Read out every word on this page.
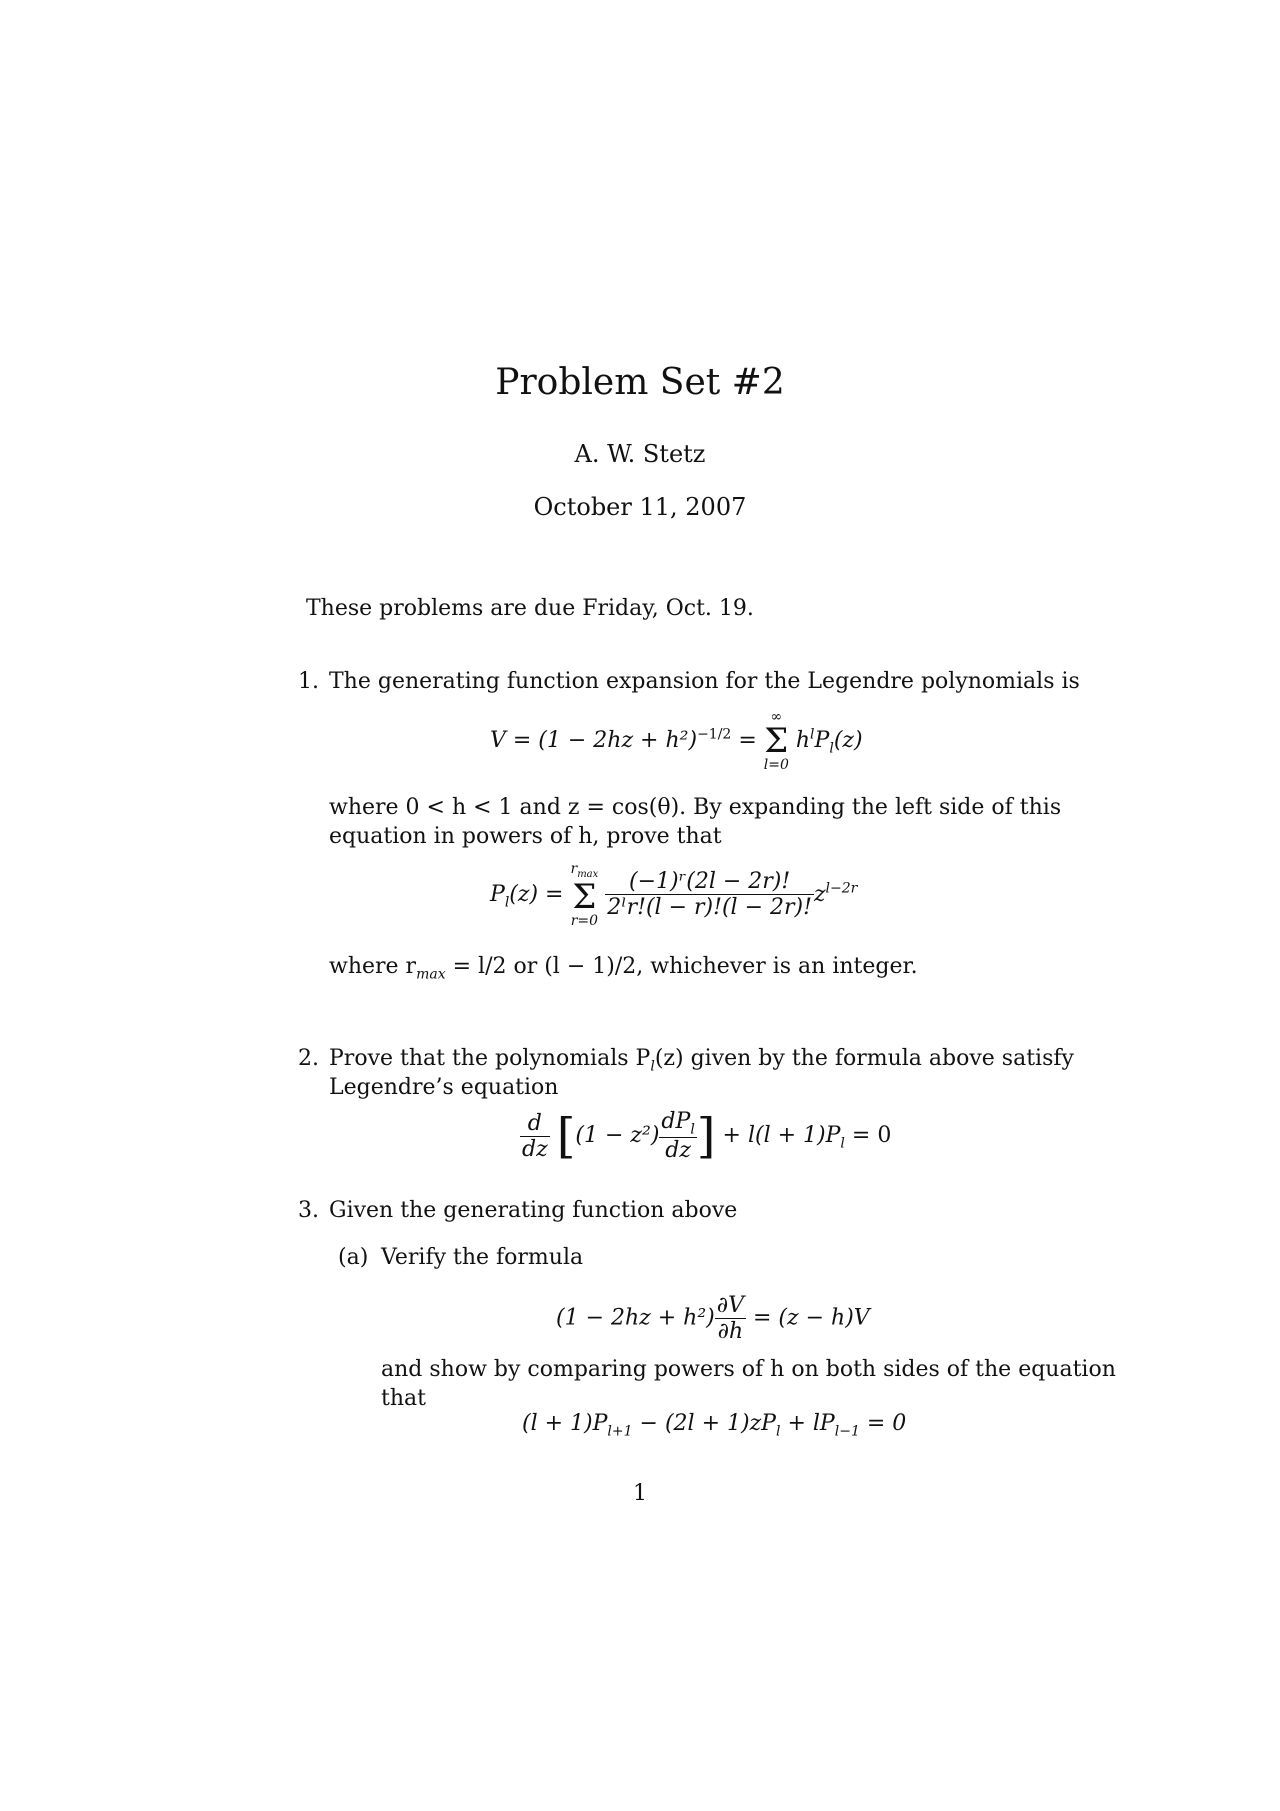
Problem Set #2
A. W. Stetz
October 11, 2007
These problems are due Friday, Oct. 19.
1. The generating function expansion for the Legendre polynomials is
$V = (1 - 2hz + h^2)^{-1/2}$ =
∞
Σ
l=0
$h^lP_l(z)$
where 0 < h < 1 and z = cos(θ). By expanding the left side of this
equation in powers of h, prove that
$P_l(z)$ =
$r_{max}$
Σ
r=0

$\frac{\text{(−1)ʳ(2l − 2r)!}}{\text{2ˡr!(l − r)!(l − 2r)!}} z^{l-2r}$
where $r_{max} = l/2$ or (l − 1)/2, whichever is an integer.
2. Prove that the polynomials $P_l(z)$ given by the formula above satisfy
Legendre’s equation
$\frac{d}{dz} [(1 - z^2) \frac{dP_l}{dz}$ ] + $l(l + 1)P_l = 0$
3. Given the generating function above
(a) Verify the formula
$(1 - 2hz + h^2) \frac{\partial V}{\partial h} = (z - h)V$
and show by comparing powers of h on both sides of the equation
that
$(l + 1)P_{l+1} - (2l + 1)zP_l + lP_{l-1} = 0$
1
